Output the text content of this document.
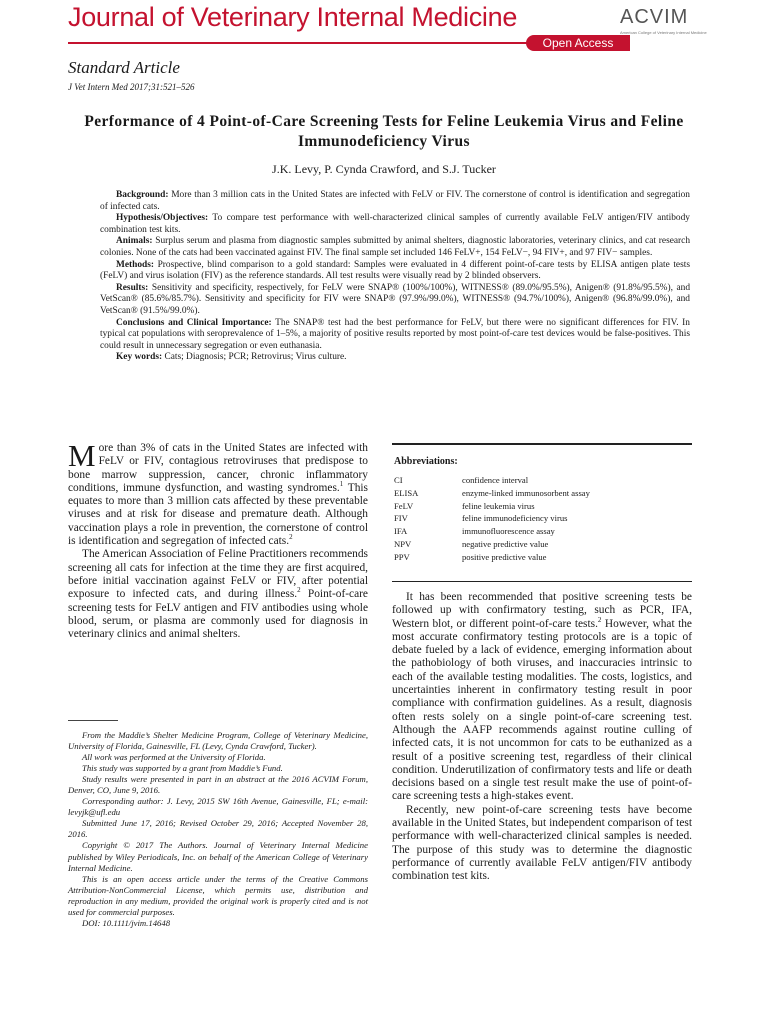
Journal of Veterinary Internal Medicine
Open Access
ACVIM
American College of Veterinary Internal Medicine
Standard Article
J Vet Intern Med 2017;31:521–526
Performance of 4 Point-of-Care Screening Tests for Feline Leukemia Virus and Feline Immunodeficiency Virus
J.K. Levy, P. Cynda Crawford, and S.J. Tucker

Background: More than 3 million cats in the United States are infected with FeLV or FIV. The cornerstone of control is identification and segregation of infected cats.

Hypothesis/Objectives: To compare test performance with well-characterized clinical samples of currently available FeLV antigen/FIV antibody combination test kits.

Animals: Surplus serum and plasma from diagnostic samples submitted by animal shelters, diagnostic laboratories, veterinary clinics, and cat research colonies. None of the cats had been vaccinated against FIV. The final sample set included 146 FeLV+, 154 FeLV−, 94 FIV+, and 97 FIV− samples.

Methods: Prospective, blind comparison to a gold standard: Samples were evaluated in 4 different point-of-care tests by ELISA antigen plate tests (FeLV) and virus isolation (FIV) as the reference standards. All test results were visually read by 2 blinded observers.

Results: Sensitivity and specificity, respectively, for FeLV were SNAP® (100%/100%), WITNESS® (89.0%/95.5%), Anigen® (91.8%/95.5%), and VetScan® (85.6%/85.7%). Sensitivity and specificity for FIV were SNAP® (97.9%/99.0%), WITNESS® (94.7%/100%), Anigen® (96.8%/99.0%), and VetScan® (91.5%/99.0%).

Conclusions and Clinical Importance: The SNAP® test had the best performance for FeLV, but there were no significant differences for FIV. In typical cat populations with seroprevalence of 1–5%, a majority of positive results reported by most point-of-care test devices would be false-positives. This could result in unnecessary segregation or even euthanasia.

Key words: Cats; Diagnosis; PCR; Retrovirus; Virus culture.

More than 3% of cats in the United States are infected with FeLV or FIV, contagious retroviruses that predispose to bone marrow suppression, cancer, chronic inflammatory conditions, immune dysfunction, and wasting syndromes.$^1$ This equates to more than 3 million cats affected by these preventable viruses and at risk for disease and premature death. Although vaccination plays a role in prevention, the cornerstone of control is identification and segregation of infected cats.$^2$

The American Association of Feline Practitioners recommends screening all cats for infection at the time they are first acquired, before initial vaccination against FeLV or FIV, after potential exposure to infected cats, and during illness.$^2$ Point-of-care screening tests for FeLV antigen and FIV antibodies using whole blood, serum, or plasma are commonly used for diagnosis in veterinary clinics and animal shelters.

From the Maddie’s Shelter Medicine Program, College of Veterinary Medicine, University of Florida, Gainesville, FL (Levy, Cynda Crawford, Tucker).

All work was performed at the University of Florida.

This study was supported by a grant from Maddie’s Fund.

Study results were presented in part in an abstract at the 2016 ACVIM Forum, Denver, CO, June 9, 2016.

Corresponding author: J. Levy, 2015 SW 16th Avenue, Gainesville, FL; e-mail: levyjk@ufl.edu

Submitted June 17, 2016; Revised October 29, 2016; Accepted November 28, 2016.

Copyright © 2017 The Authors. Journal of Veterinary Internal Medicine published by Wiley Periodicals, Inc. on behalf of the American College of Veterinary Internal Medicine.

This is an open access article under the terms of the Creative Commons Attribution-NonCommercial License, which permits use, distribution and reproduction in any medium, provided the original work is properly cited and is not used for commercial purposes.

DOI: 10.1111/jvim.14648

Abbreviations:
CI	confidence interval
ELISA	enzyme-linked immunosorbent assay
FeLV	feline leukemia virus
FIV	feline immunodeficiency virus
IFA	immunofluorescence assay
NPV	negative predictive value
PPV	positive predictive value

It has been recommended that positive screening tests be followed up with confirmatory testing, such as PCR, IFA, Western blot, or different point-of-care tests.$^2$ However, what the most accurate confirmatory testing protocols are is a topic of debate fueled by a lack of evidence, emerging information about the pathobiology of both viruses, and inaccuracies intrinsic to each of the available testing modalities. The costs, logistics, and uncertainties inherent in confirmatory testing result in poor compliance with confirmation guidelines. As a result, diagnosis often rests solely on a single point-of-care screening test. Although the AAFP recommends against routine culling of infected cats, it is not uncommon for cats to be euthanized as a result of a positive screening test, regardless of their clinical condition. Underutilization of confirmatory tests and life or death decisions based on a single test result make the use of point-of-care screening tests a high-stakes event.

Recently, new point-of-care screening tests have become available in the United States, but independent comparison of test performance with well-characterized clinical samples is needed. The purpose of this study was to determine the diagnostic performance of currently available FeLV antigen/FIV antibody combination test kits.
